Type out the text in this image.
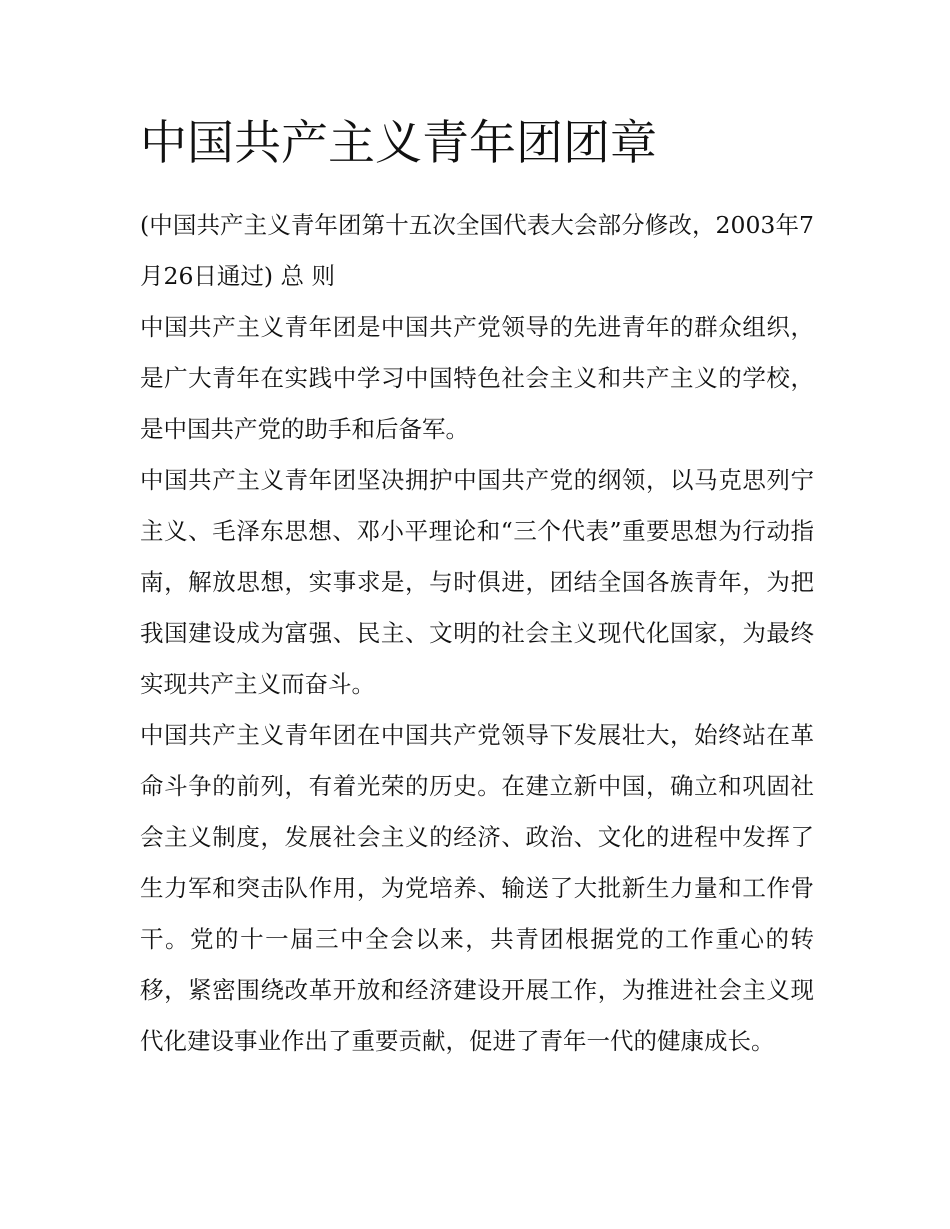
中国共产主义青年团团章

(中国共产主义青年团第十五次全国代表大会部分修改，2003年7月26日通过) 总 则

中国共产主义青年团是中国共产党领导的先进青年的群众组织，是广大青年在实践中学习中国特色社会主义和共产主义的学校，是中国共产党的助手和后备军。

中国共产主义青年团坚决拥护中国共产党的纲领，以马克思列宁主义、毛泽东思想、邓小平理论和“三个代表”重要思想为行动指南，解放思想，实事求是，与时俱进，团结全国各族青年，为把我国建设成为富强、民主、文明的社会主义现代化国家，为最终实现共产主义而奋斗。

中国共产主义青年团在中国共产党领导下发展壮大，始终站在革命斗争的前列，有着光荣的历史。在建立新中国，确立和巩固社会主义制度，发展社会主义的经济、政治、文化的进程中发挥了生力军和突击队作用，为党培养、输送了大批新生力量和工作骨干。党的十一届三中全会以来，共青团根据党的工作重心的转移，紧密围绕改革开放和经济建设开展工作，为推进社会主义现代化建设事业作出了重要贡献，促进了青年一代的健康成长。
